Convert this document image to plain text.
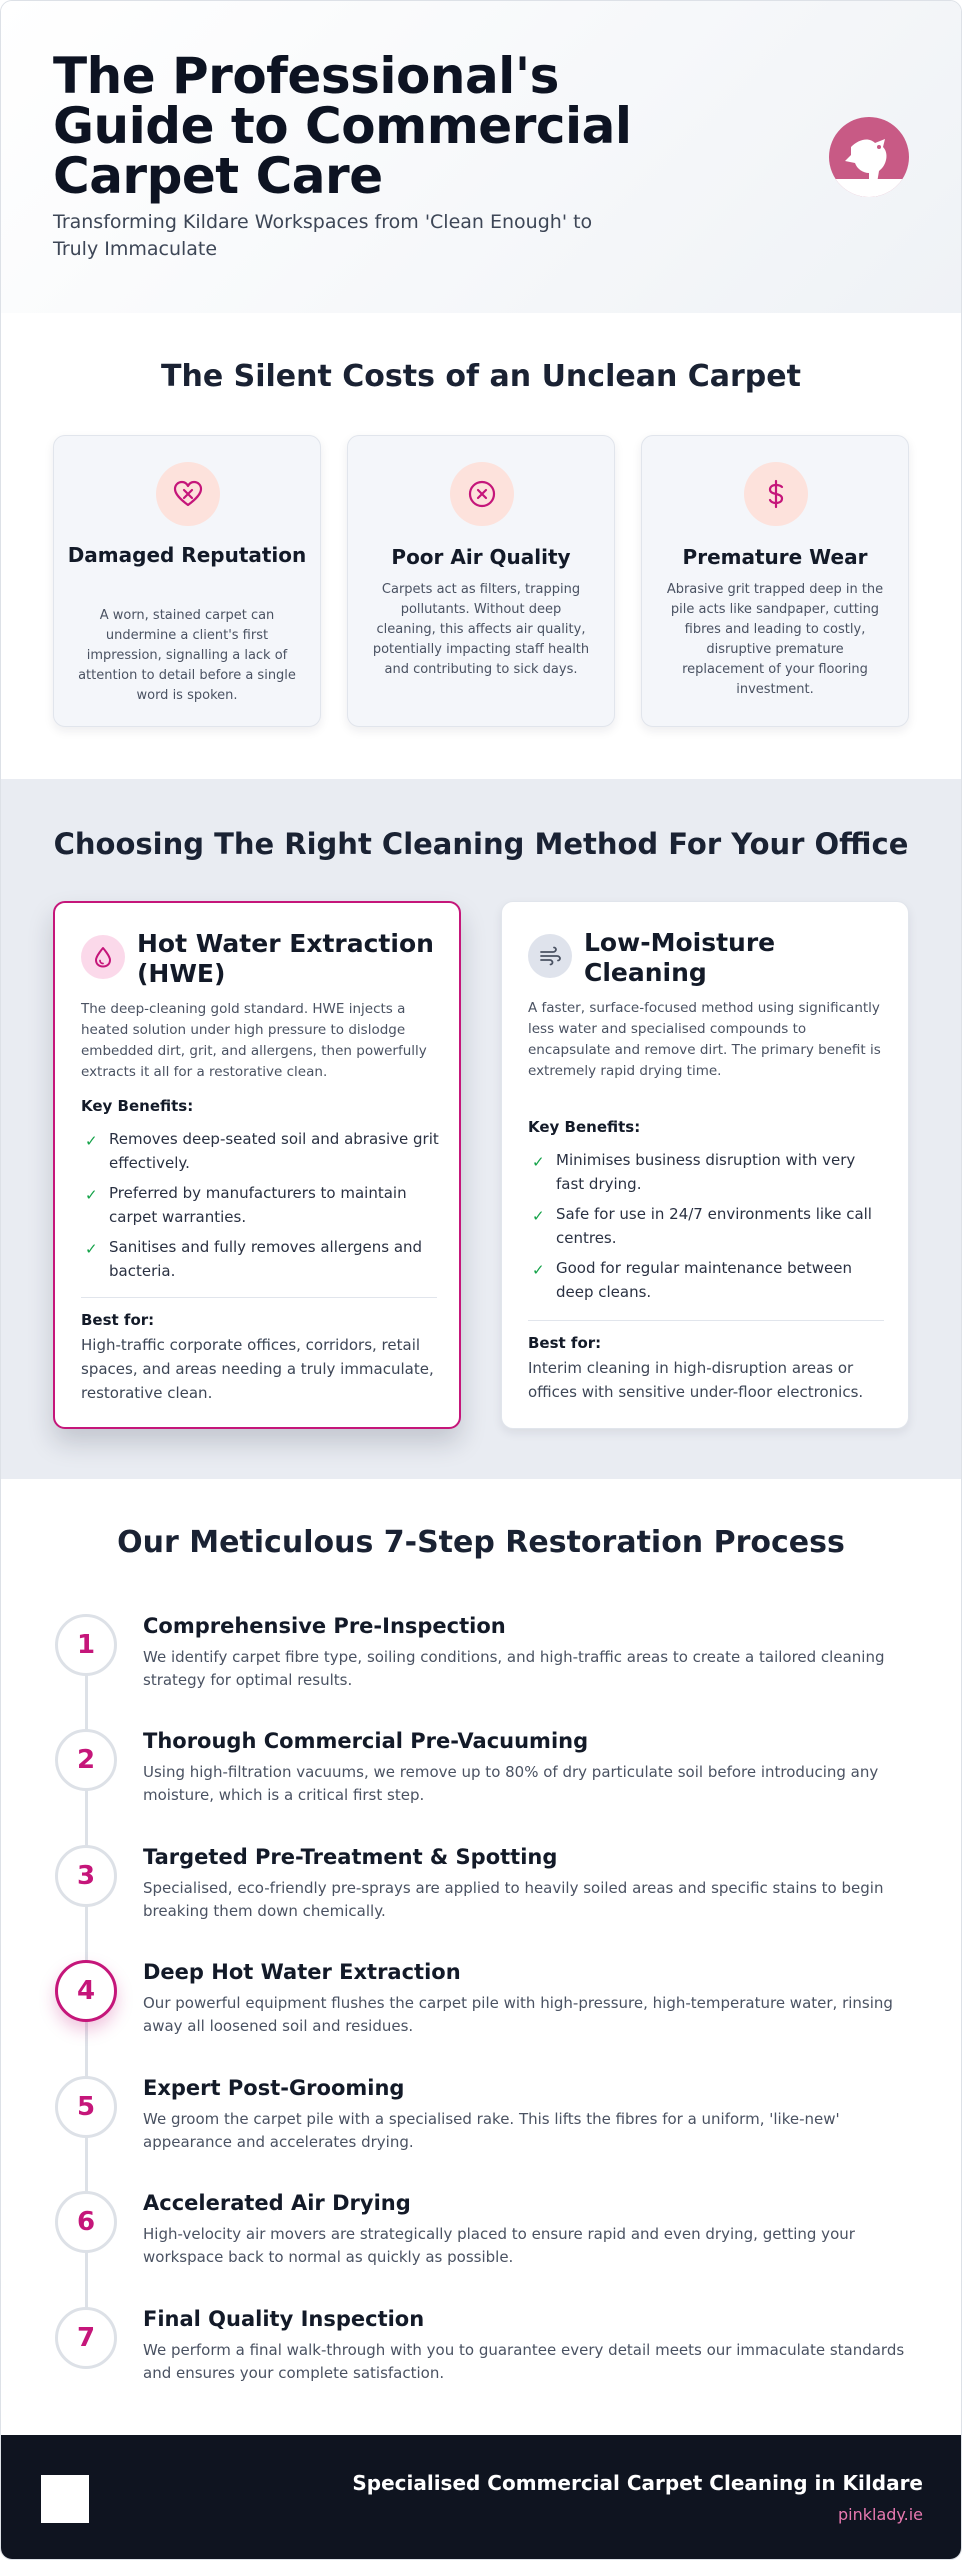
The Professional's Guide to Commercial Carpet Care

Transforming Kildare Workspaces from 'Clean Enough' to Truly Immaculate

The Silent Costs of an Unclean Carpet
Damaged Reputation
A worn, stained carpet can undermine a client's first impression, signalling a lack of attention to detail before a single word is spoken.
Poor Air Quality
Carpets act as filters, trapping pollutants. Without deep cleaning, this affects air quality, potentially impacting staff health and contributing to sick days.
Premature Wear
Abrasive grit trapped deep in the pile acts like sandpaper, cutting fibres and leading to costly, disruptive premature replacement of your flooring investment.
Choosing The Right Cleaning Method For Your Office
Hot Water Extraction (HWE)
The deep-cleaning gold standard. HWE injects a heated solution under high pressure to dislodge embedded dirt, grit, and allergens, then powerfully extracts it all for a restorative clean.
Key Benefits:
✓ Removes deep-seated soil and abrasive grit effectively.
✓ Preferred by manufacturers to maintain carpet warranties.
✓ Sanitises and fully removes allergens and bacteria.
Best for:
High-traffic corporate offices, corridors, retail spaces, and areas needing a truly immaculate, restorative clean.
Low-Moisture Cleaning
A faster, surface-focused method using significantly less water and specialised compounds to encapsulate and remove dirt. The primary benefit is extremely rapid drying time.
Key Benefits:
✓ Minimises business disruption with very fast drying.
✓ Safe for use in 24/7 environments like call centres.
✓ Good for regular maintenance between deep cleans.
Best for:
Interim cleaning in high-disruption areas or offices with sensitive under-floor electronics.
Our Meticulous 7-Step Restoration Process
1
Comprehensive Pre-Inspection
We identify carpet fibre type, soiling conditions, and high-traffic areas to create a tailored cleaning strategy for optimal results.
2
Thorough Commercial Pre-Vacuuming
Using high-filtration vacuums, we remove up to 80% of dry particulate soil before introducing any moisture, which is a critical first step.
3
Targeted Pre-Treatment & Spotting
Specialised, eco-friendly pre-sprays are applied to heavily soiled areas and specific stains to begin breaking them down chemically.
4
Deep Hot Water Extraction
Our powerful equipment flushes the carpet pile with high-pressure, high-temperature water, rinsing away all loosened soil and residues.
5
Expert Post-Grooming
We groom the carpet pile with a specialised rake. This lifts the fibres for a uniform, 'like-new' appearance and accelerates drying.
6
Accelerated Air Drying
High-velocity air movers are strategically placed to ensure rapid and even drying, getting your workspace back to normal as quickly as possible.
7
Final Quality Inspection
We perform a final walk-through with you to guarantee every detail meets our immaculate standards and ensures your complete satisfaction.
Specialised Commercial Carpet Cleaning in Kildare
pinklady.ie
